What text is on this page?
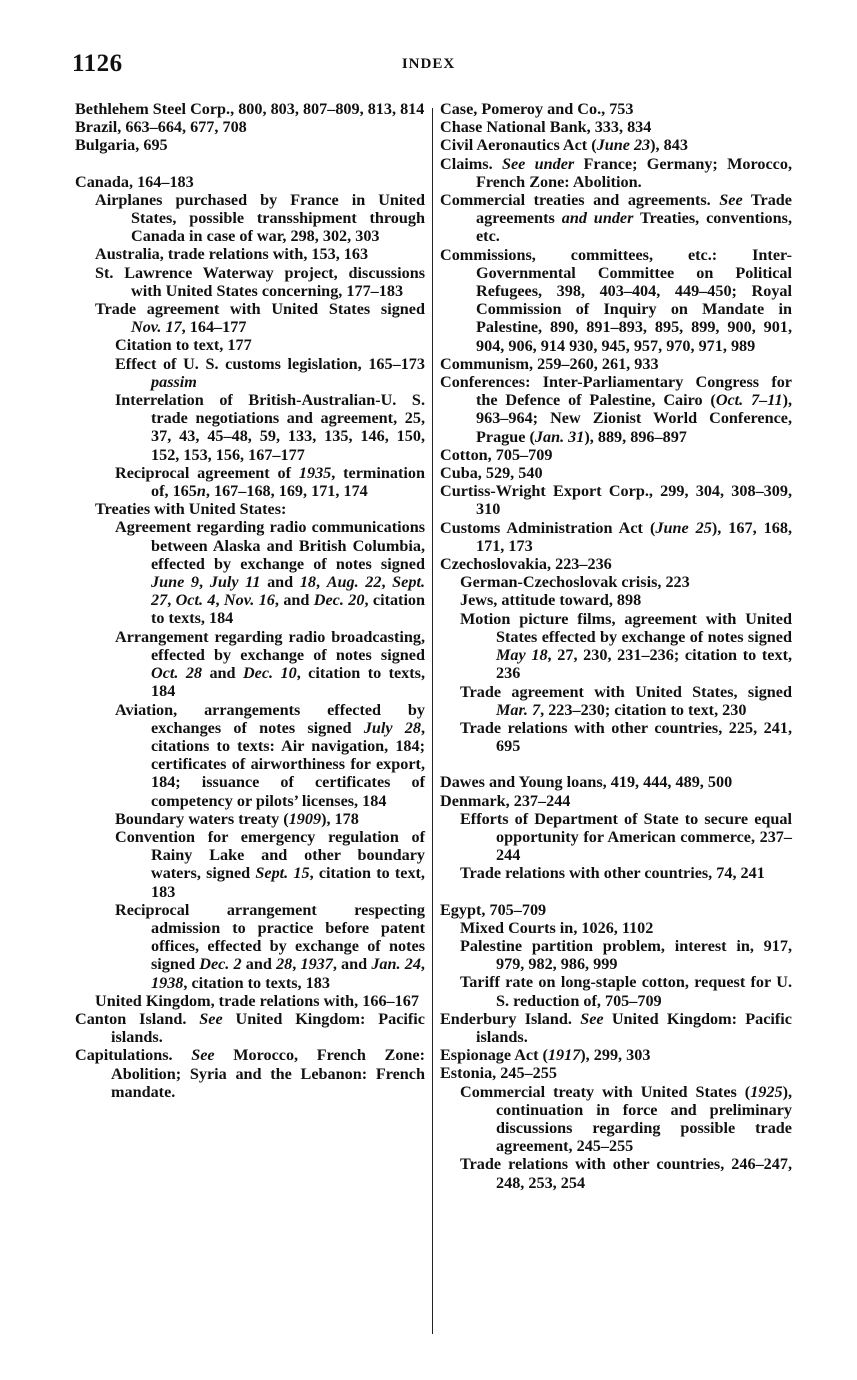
1126	INDEX
Bethlehem Steel Corp., 800, 803, 807–809, 813, 814
Brazil, 663–664, 677, 708
Bulgaria, 695
Canada, 164–183
Airplanes purchased by France in United States, possible transshipment through Canada in case of war, 298, 302, 303
Australia, trade relations with, 153, 163
St. Lawrence Waterway project, discussions with United States concerning, 177–183
Trade agreement with United States signed Nov. 17, 164–177
Citation to text, 177
Effect of U. S. customs legislation, 165–173 passim
Interrelation of British-Australian-U. S. trade negotiations and agreement, 25, 37, 43, 45–48, 59, 133, 135, 146, 150, 152, 153, 156, 167–177
Reciprocal agreement of 1935, termination of, 165n, 167–168, 169, 171, 174
Treaties with United States:
Agreement regarding radio communications between Alaska and British Columbia, effected by exchange of notes signed June 9, July 11 and 18, Aug. 22, Sept. 27, Oct. 4, Nov. 16, and Dec. 20, citation to texts, 184
Arrangement regarding radio broadcasting, effected by exchange of notes signed Oct. 28 and Dec. 10, citation to texts, 184
Aviation, arrangements effected by exchanges of notes signed July 28, citations to texts: Air navigation, 184; certificates of airworthiness for export, 184; issuance of certificates of competency or pilots’ licenses, 184
Boundary waters treaty (1909), 178
Convention for emergency regulation of Rainy Lake and other boundary waters, signed Sept. 15, citation to text, 183
Reciprocal arrangement respecting admission to practice before patent offices, effected by exchange of notes signed Dec. 2 and 28, 1937, and Jan. 24, 1938, citation to texts, 183
United Kingdom, trade relations with, 166–167
Canton Island. See United Kingdom: Pacific islands.
Capitulations. See Morocco, French Zone: Abolition; Syria and the Lebanon: French mandate.
Case, Pomeroy and Co., 753
Chase National Bank, 333, 834
Civil Aeronautics Act (June 23), 843
Claims. See under France; Germany; Morocco, French Zone: Abolition.
Commercial treaties and agreements. See Trade agreements and under Treaties, conventions, etc.
Commissions, committees, etc.: Inter-Governmental Committee on Political Refugees, 398, 403–404, 449–450; Royal Commission of Inquiry on Mandate in Palestine, 890, 891–893, 895, 899, 900, 901, 904, 906, 914 930, 945, 957, 970, 971, 989
Communism, 259–260, 261, 933
Conferences: Inter-Parliamentary Congress for the Defence of Palestine, Cairo (Oct. 7–11), 963–964; New Zionist World Conference, Prague (Jan. 31), 889, 896–897
Cotton, 705–709
Cuba, 529, 540
Curtiss-Wright Export Corp., 299, 304, 308–309, 310
Customs Administration Act (June 25), 167, 168, 171, 173
Czechoslovakia, 223–236
German-Czechoslovak crisis, 223
Jews, attitude toward, 898
Motion picture films, agreement with United States effected by exchange of notes signed May 18, 27, 230, 231–236; citation to text, 236
Trade agreement with United States, signed Mar. 7, 223–230; citation to text, 230
Trade relations with other countries, 225, 241, 695
Dawes and Young loans, 419, 444, 489, 500
Denmark, 237–244
Efforts of Department of State to secure equal opportunity for American commerce, 237–244
Trade relations with other countries, 74, 241
Egypt, 705–709
Mixed Courts in, 1026, 1102
Palestine partition problem, interest in, 917, 979, 982, 986, 999
Tariff rate on long-staple cotton, request for U. S. reduction of, 705–709
Enderbury Island. See United Kingdom: Pacific islands.
Espionage Act (1917), 299, 303
Estonia, 245–255
Commercial treaty with United States (1925), continuation in force and preliminary discussions regarding possible trade agreement, 245–255
Trade relations with other countries, 246–247, 248, 253, 254
